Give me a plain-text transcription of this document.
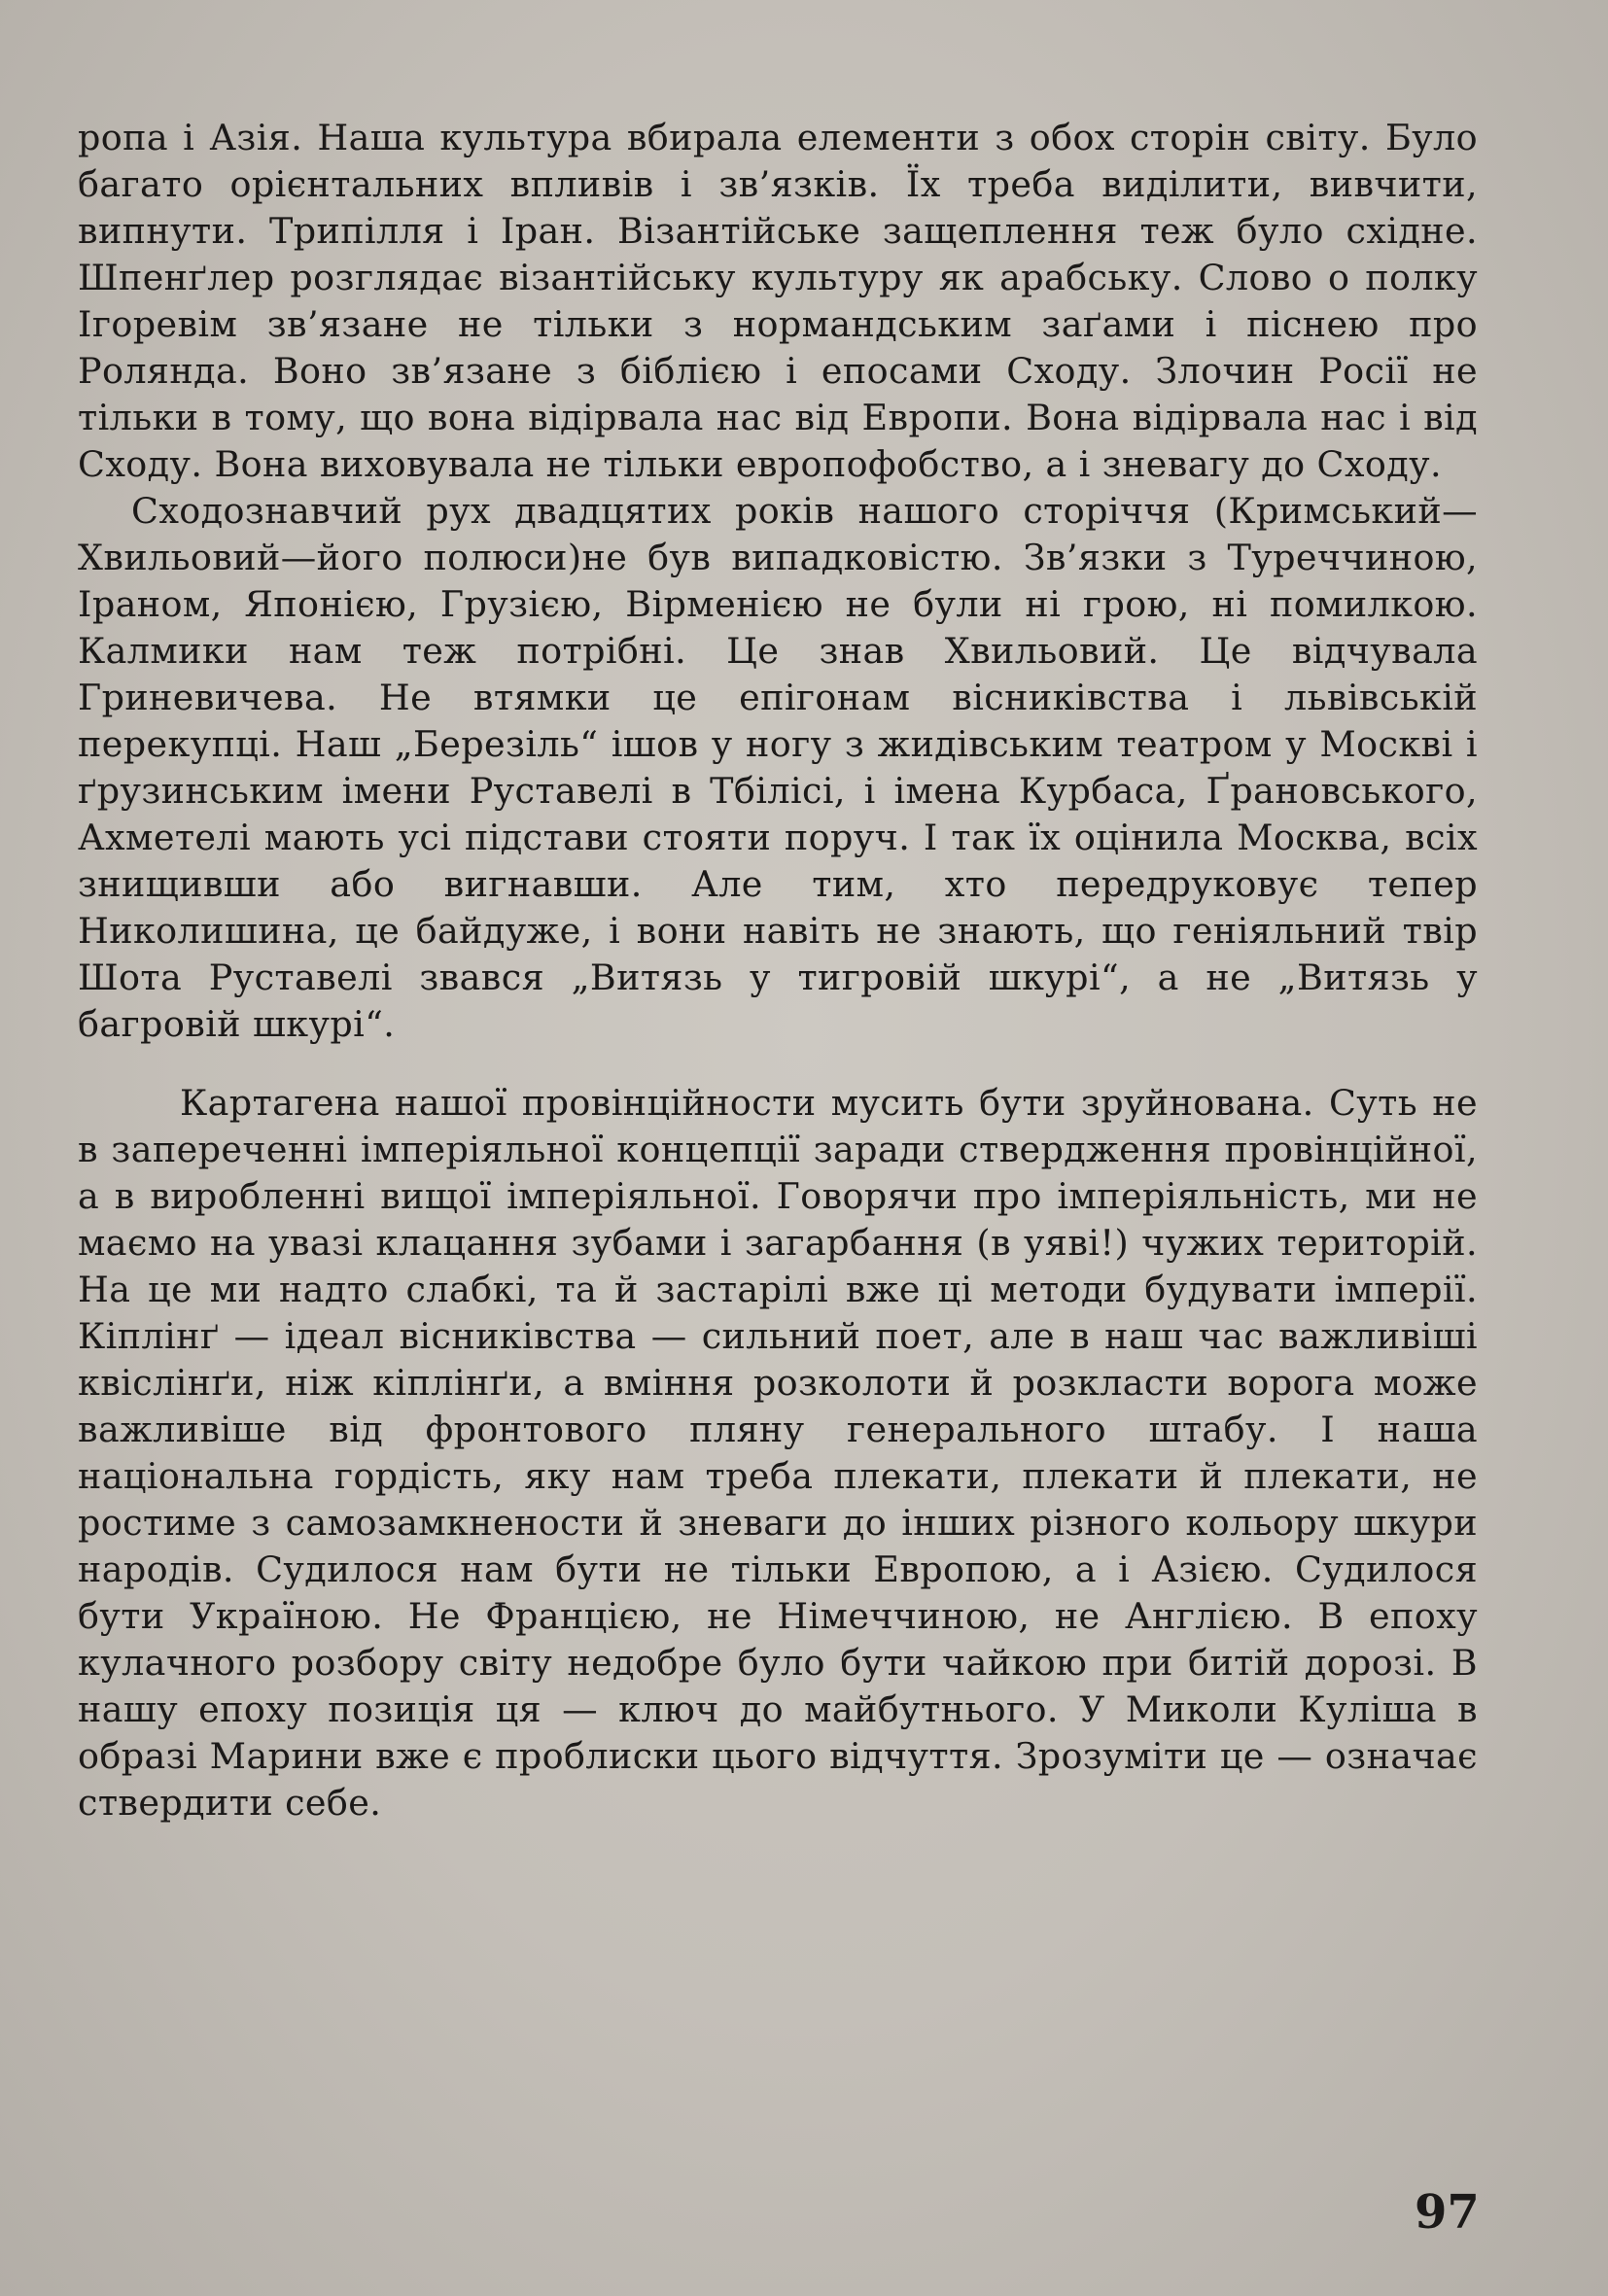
ропа і Азія. Наша культура вбирала елементи з обох сторін світу. Було багато орієнтальних впливів і зв’язків. Їх треба виділити, вивчити, випнути. Трипілля і Іран. Візантійське защеплення теж було східне. Шпенґлер розглядає візантійську культуру як арабську. Слово о полку Ігоревім зв’язане не тільки з нормандським заґами і піснею про Ролянда. Воно зв’язане з біблією і епосами Сходу. Злочин Росії не тільки в тому, що вона відірвала нас від Европи. Вона відірвала нас і від Сходу. Вона виховувала не тільки европофобство, а і зневагу до Сходу.

Сходознавчий рух двадцятих років нашого сторіччя (Кримський—Хвильовий—його полюси)не був випадковістю. Зв’язки з Туреччиною, Іраном, Японією, Грузією, Вірменією не були ні грою, ні помилкою. Калмики нам теж потрібні. Це знав Хвильовий. Це відчувала Гриневичева. Не втямки це епігонам вісниківства і львівській перекупці. Наш „Березіль“ ішов у ногу з жидівським театром у Москві і ґрузинським імени Руставелі в Тбілісі, і імена Курбаса, Ґрановського, Ахметелі мають усі підстави стояти поруч. І так їх оцінила Москва, всіх знищивши або вигнавши. Але тим, хто передруковує тепер Николишина, це байдуже, і вони навіть не знають, що геніяльний твір Шота Руставелі звався „Витязь у тигровій шкурі“, а не „Витязь у багровій шкурі“.

Картагена нашої провінційности мусить бути зруйнована. Суть не в запереченні імперіяльної концепції заради ствердження провінційної, а в виробленні вищої імперіяльної. Говорячи про імперіяльність, ми не маємо на увазі клацання зубами і загарбання (в уяві!) чужих територій. На це ми надто слабкі, та й застарілі вже ці методи будувати імперії. Кіплінґ — ідеал вісниківства — сильний поет, але в наш час важливіші квіслінґи, ніж кіплінґи, а вміння розколоти й розкласти ворога може важливіше від фронтового пляну генерального штабу. І наша національна гордість, яку нам треба плекати, плекати й плекати, не ростиме з самозамкнености й зневаги до інших різного кольору шкури народів. Судилося нам бути не тільки Европою, а і Азією. Судилося бути Україною. Не Францією, не Німеччиною, не Англією. В епоху кулачного розбору світу недобре було бути чайкою при битій дорозі. В нашу епоху позиція ця — ключ до майбутнього. У Миколи Куліша в образі Марини вже є проблиски цього відчуття. Зрозуміти це — означає ствердити себе.

97
